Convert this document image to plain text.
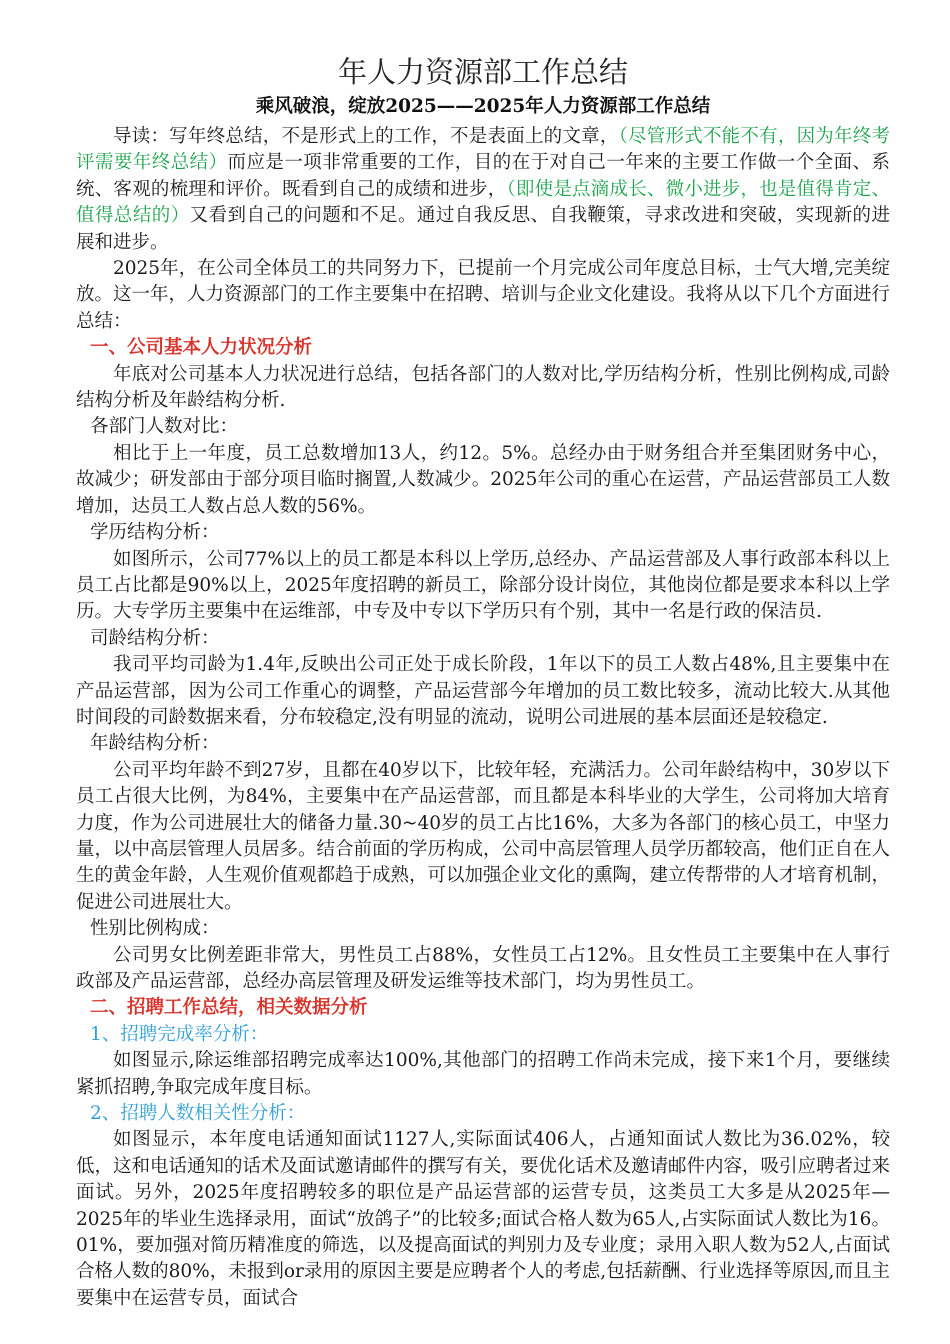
年人力资源部工作总结
乘风破浪，绽放2025——2025年人力资源部工作总结

导读：写年终总结，不是形式上的工作，不是表面上的文章，（尽管形式不能不有，因为年终考评需要年终总结）而应是一项非常重要的工作，目的在于对自己一年来的主要工作做一个全面、系统、客观的梳理和评价。既看到自己的成绩和进步，（即使是点滴成长、微小进步，也是值得肯定、值得总结的）又看到自己的问题和不足。通过自我反思、自我鞭策，寻求改进和突破，实现新的进展和进步。

2025年，在公司全体员工的共同努力下，已提前一个月完成公司年度总目标，士气大增,完美绽放。这一年，人力资源部门的工作主要集中在招聘、培训与企业文化建设。我将从以下几个方面进行总结：

一、公司基本人力状况分析

年底对公司基本人力状况进行总结，包括各部门的人数对比,学历结构分析，性别比例构成,司龄结构分析及年龄结构分析.

各部门人数对比：

相比于上一年度，员工总数增加13人，约12。5%。总经办由于财务组合并至集团财务中心，故减少；研发部由于部分项目临时搁置,人数减少。2025年公司的重心在运营，产品运营部员工人数增加，达员工人数占总人数的56%。

学历结构分析：

如图所示，公司77%以上的员工都是本科以上学历,总经办、产品运营部及人事行政部本科以上员工占比都是90%以上，2025年度招聘的新员工，除部分设计岗位，其他岗位都是要求本科以上学历。大专学历主要集中在运维部，中专及中专以下学历只有个别，其中一名是行政的保洁员.

司龄结构分析：

我司平均司龄为1.4年,反映出公司正处于成长阶段，1年以下的员工人数占48%,且主要集中在产品运营部，因为公司工作重心的调整，产品运营部今年增加的员工数比较多，流动比较大.从其他时间段的司龄数据来看，分布较稳定,没有明显的流动，说明公司进展的基本层面还是较稳定.

年龄结构分析：

公司平均年龄不到27岁，且都在40岁以下，比较年轻，充满活力。公司年龄结构中，30岁以下员工占很大比例，为84%，主要集中在产品运营部，而且都是本科毕业的大学生，公司将加大培育力度，作为公司进展壮大的储备力量.30~40岁的员工占比16%，大多为各部门的核心员工，中坚力量，以中高层管理人员居多。结合前面的学历构成，公司中高层管理人员学历都较高，他们正自在人生的黄金年龄，人生观价值观都趋于成熟，可以加强企业文化的熏陶，建立传帮带的人才培育机制，促进公司进展壮大。

性别比例构成：

公司男女比例差距非常大，男性员工占88%，女性员工占12%。且女性员工主要集中在人事行政部及产品运营部，总经办高层管理及研发运维等技术部门，均为男性员工。

二、招聘工作总结，相关数据分析
1、招聘完成率分析：

如图显示,除运维部招聘完成率达100%,其他部门的招聘工作尚未完成，接下来1个月，要继续紧抓招聘,争取完成年度目标。

2、招聘人数相关性分析：

如图显示，本年度电话通知面试1127人,实际面试406人，占通知面试人数比为36.02%，较低，这和电话通知的话术及面试邀请邮件的撰写有关，要优化话术及邀请邮件内容，吸引应聘者过来面试。另外，2025年度招聘较多的职位是产品运营部的运营专员，这类员工大多是从2025年—2025年的毕业生选择录用，面试“放鸽子”的比较多;面试合格人数为65人,占实际面试人数比为16。01%，要加强对简历精准度的筛选，以及提高面试的判别力及专业度；录用入职人数为52人,占面试合格人数的80%，未报到or录用的原因主要是应聘者个人的考虑,包括薪酬、行业选择等原因,而且主要集中在运营专员，面试合
